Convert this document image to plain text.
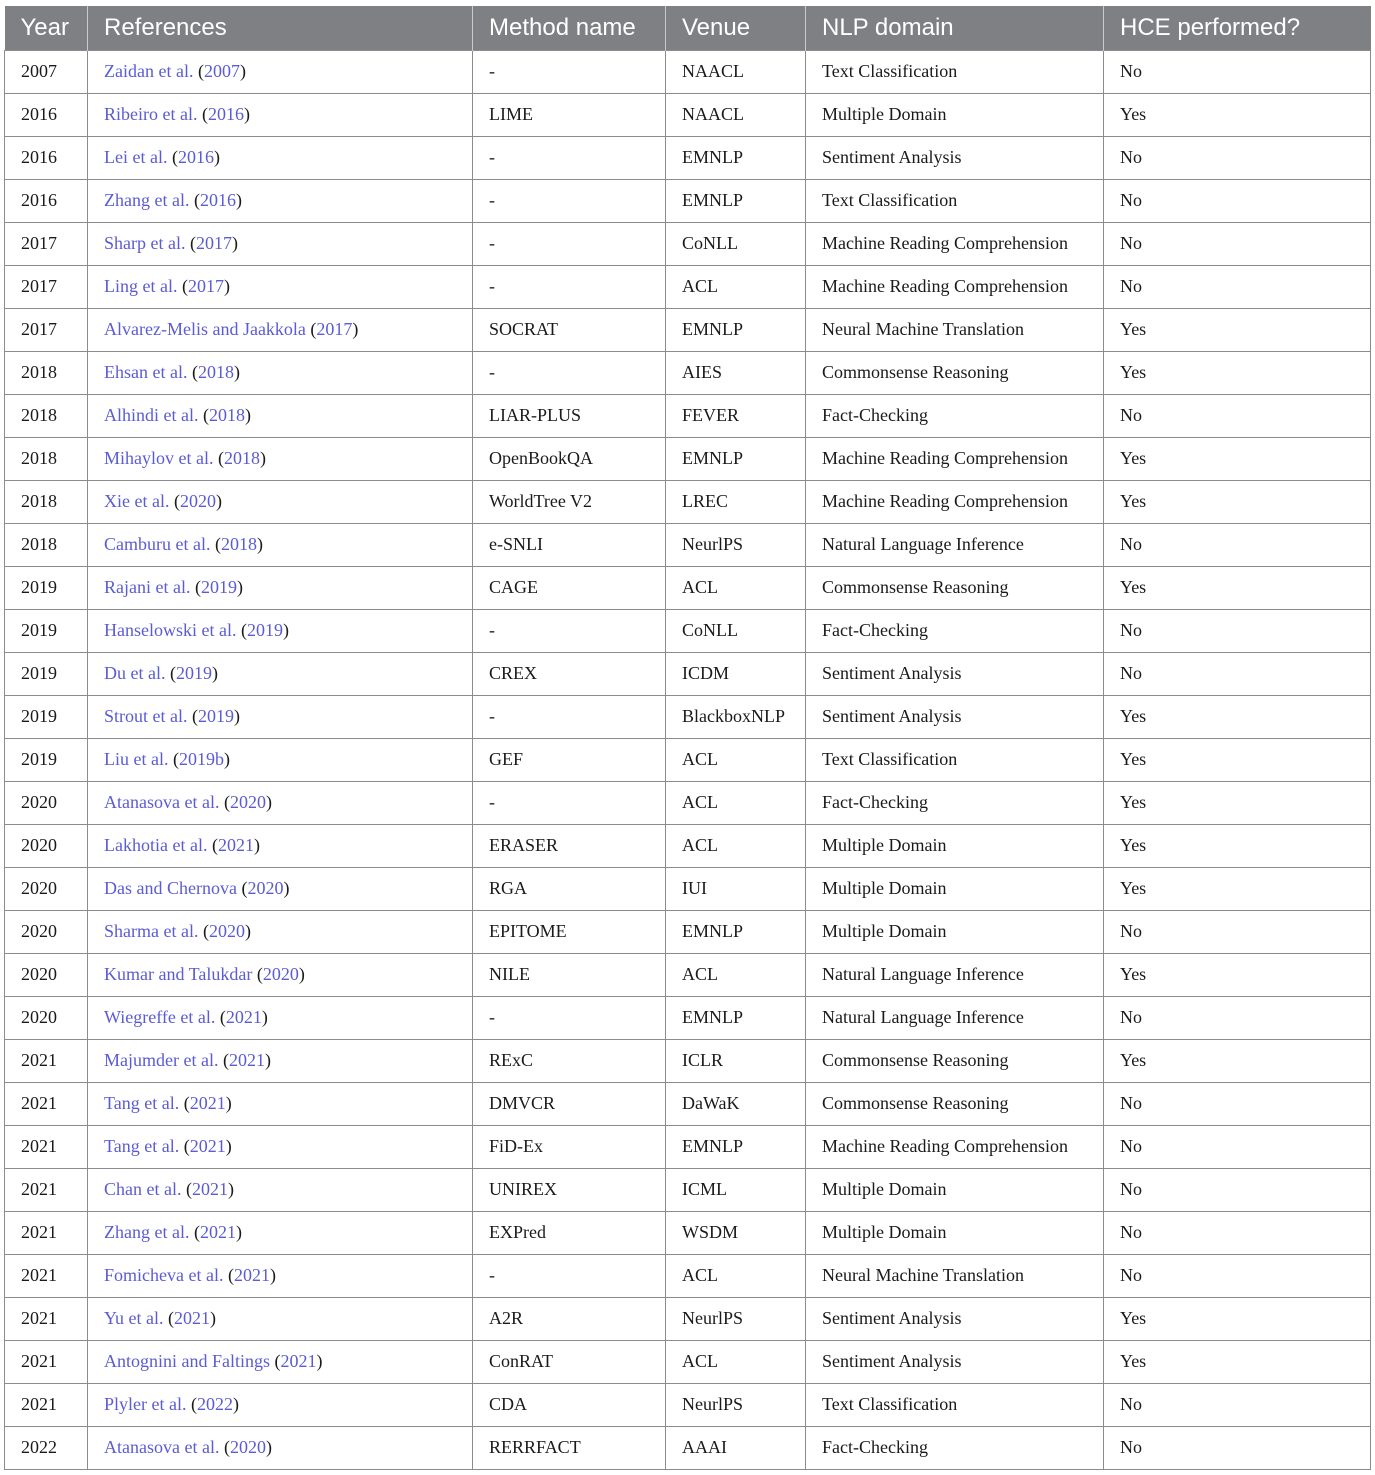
Year	References	Method name	Venue	NLP domain	HCE performed?
2007	Zaidan et al. (2007)	-	NAACL	Text Classification	No
2016	Ribeiro et al. (2016)	LIME	NAACL	Multiple Domain	Yes
2016	Lei et al. (2016)	-	EMNLP	Sentiment Analysis	No
2016	Zhang et al. (2016)	-	EMNLP	Text Classification	No
2017	Sharp et al. (2017)	-	CoNLL	Machine Reading Comprehension	No
2017	Ling et al. (2017)	-	ACL	Machine Reading Comprehension	No
2017	Alvarez-Melis and Jaakkola (2017)	SOCRAT	EMNLP	Neural Machine Translation	Yes
2018	Ehsan et al. (2018)	-	AIES	Commonsense Reasoning	Yes
2018	Alhindi et al. (2018)	LIAR-PLUS	FEVER	Fact-Checking	No
2018	Mihaylov et al. (2018)	OpenBookQA	EMNLP	Machine Reading Comprehension	Yes
2018	Xie et al. (2020)	WorldTree V2	LREC	Machine Reading Comprehension	Yes
2018	Camburu et al. (2018)	e-SNLI	NeurlPS	Natural Language Inference	No
2019	Rajani et al. (2019)	CAGE	ACL	Commonsense Reasoning	Yes
2019	Hanselowski et al. (2019)	-	CoNLL	Fact-Checking	No
2019	Du et al. (2019)	CREX	ICDM	Sentiment Analysis	No
2019	Strout et al. (2019)	-	BlackboxNLP	Sentiment Analysis	Yes
2019	Liu et al. (2019b)	GEF	ACL	Text Classification	Yes
2020	Atanasova et al. (2020)	-	ACL	Fact-Checking	Yes
2020	Lakhotia et al. (2021)	ERASER	ACL	Multiple Domain	Yes
2020	Das and Chernova (2020)	RGA	IUI	Multiple Domain	Yes
2020	Sharma et al. (2020)	EPITOME	EMNLP	Multiple Domain	No
2020	Kumar and Talukdar (2020)	NILE	ACL	Natural Language Inference	Yes
2020	Wiegreffe et al. (2021)	-	EMNLP	Natural Language Inference	No
2021	Majumder et al. (2021)	RExC	ICLR	Commonsense Reasoning	Yes
2021	Tang et al. (2021)	DMVCR	DaWaK	Commonsense Reasoning	No
2021	Tang et al. (2021)	FiD-Ex	EMNLP	Machine Reading Comprehension	No
2021	Chan et al. (2021)	UNIREX	ICML	Multiple Domain	No
2021	Zhang et al. (2021)	EXPred	WSDM	Multiple Domain	No
2021	Fomicheva et al. (2021)	-	ACL	Neural Machine Translation	No
2021	Yu et al. (2021)	A2R	NeurlPS	Sentiment Analysis	Yes
2021	Antognini and Faltings (2021)	ConRAT	ACL	Sentiment Analysis	Yes
2021	Plyler et al. (2022)	CDA	NeurlPS	Text Classification	No
2022	Atanasova et al. (2020)	RERRFACT	AAAI	Fact-Checking	No
